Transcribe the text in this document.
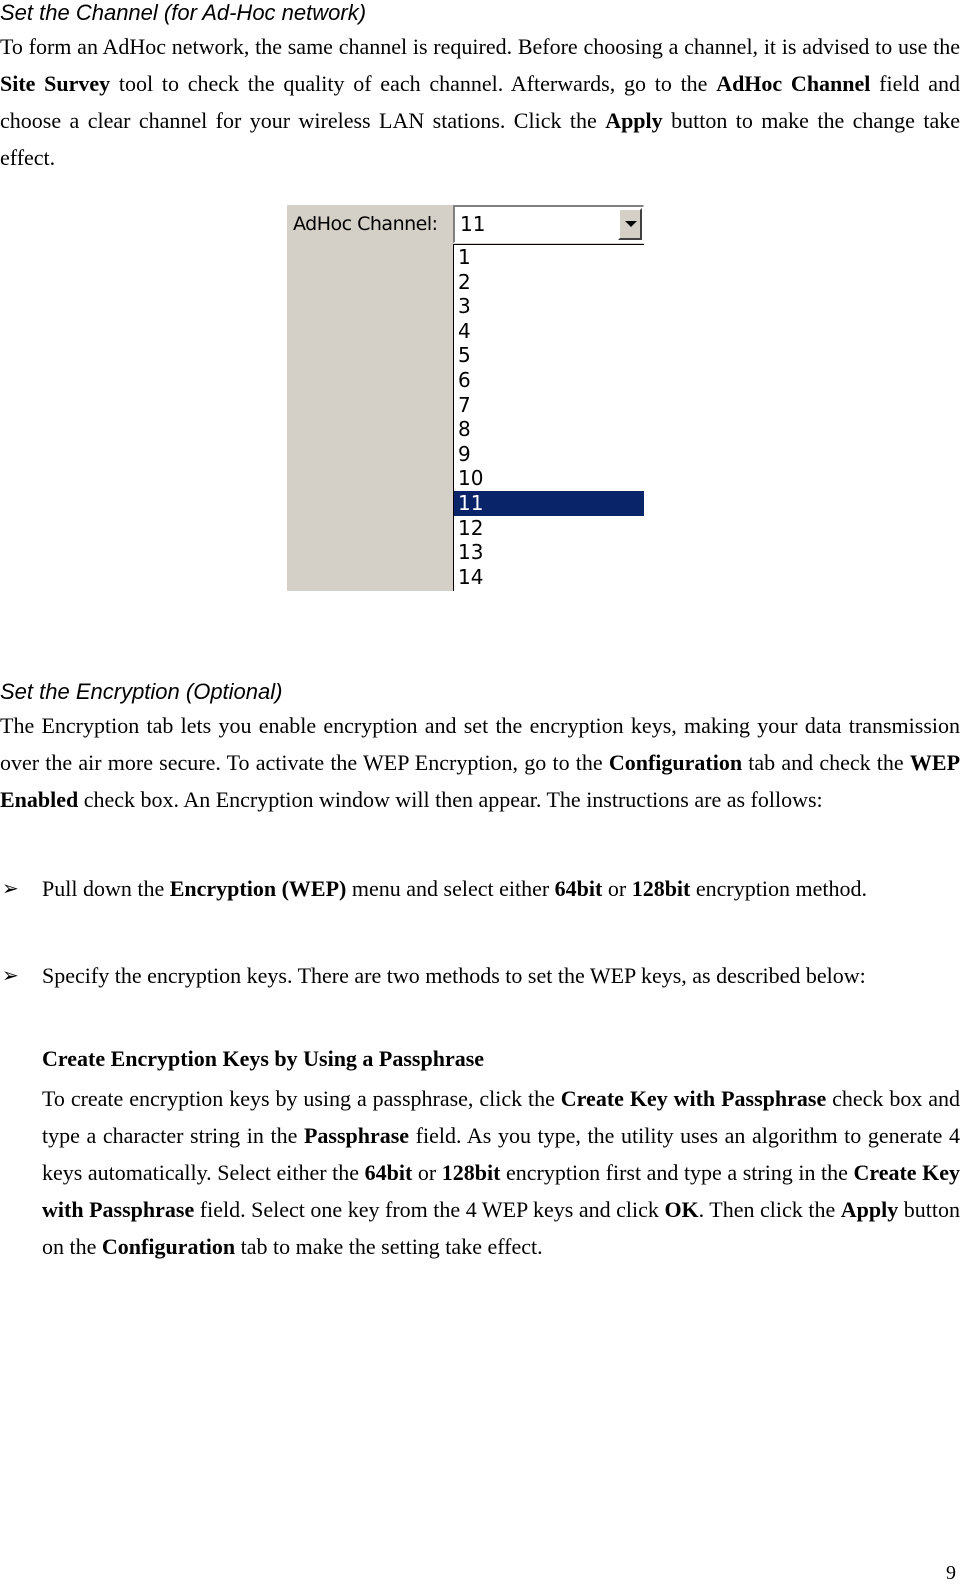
Set the Channel (for Ad-Hoc network)

To form an AdHoc network, the same channel is required. Before choosing a channel, it is advised to use the Site Survey tool to check the quality of each channel. Afterwards, go to the AdHoc Channel field and choose a clear channel for your wireless LAN stations. Click the Apply button to make the change take effect.

AdHoc Channel: 11
1
2
3
4
5
6
7
8
9
10
11
12
13
14
Set the Encryption (Optional)

The Encryption tab lets you enable encryption and set the encryption keys, making your data transmission over the air more secure. To activate the WEP Encryption, go to the Configuration tab and check the WEP Enabled check box. An Encryption window will then appear. The instructions are as follows:

➢ Pull down the Encryption (WEP) menu and select either 64bit or 128bit encryption method.

➢ Specify the encryption keys. There are two methods to set the WEP keys, as described below:

Create Encryption Keys by Using a Passphrase

To create encryption keys by using a passphrase, click the Create Key with Passphrase check box and type a character string in the Passphrase field. As you type, the utility uses an algorithm to generate 4 keys automatically. Select either the 64bit or 128bit encryption first and type a string in the Create Key with Passphrase field. Select one key from the 4 WEP keys and click OK. Then click the Apply button on the Configuration tab to make the setting take effect.

9
